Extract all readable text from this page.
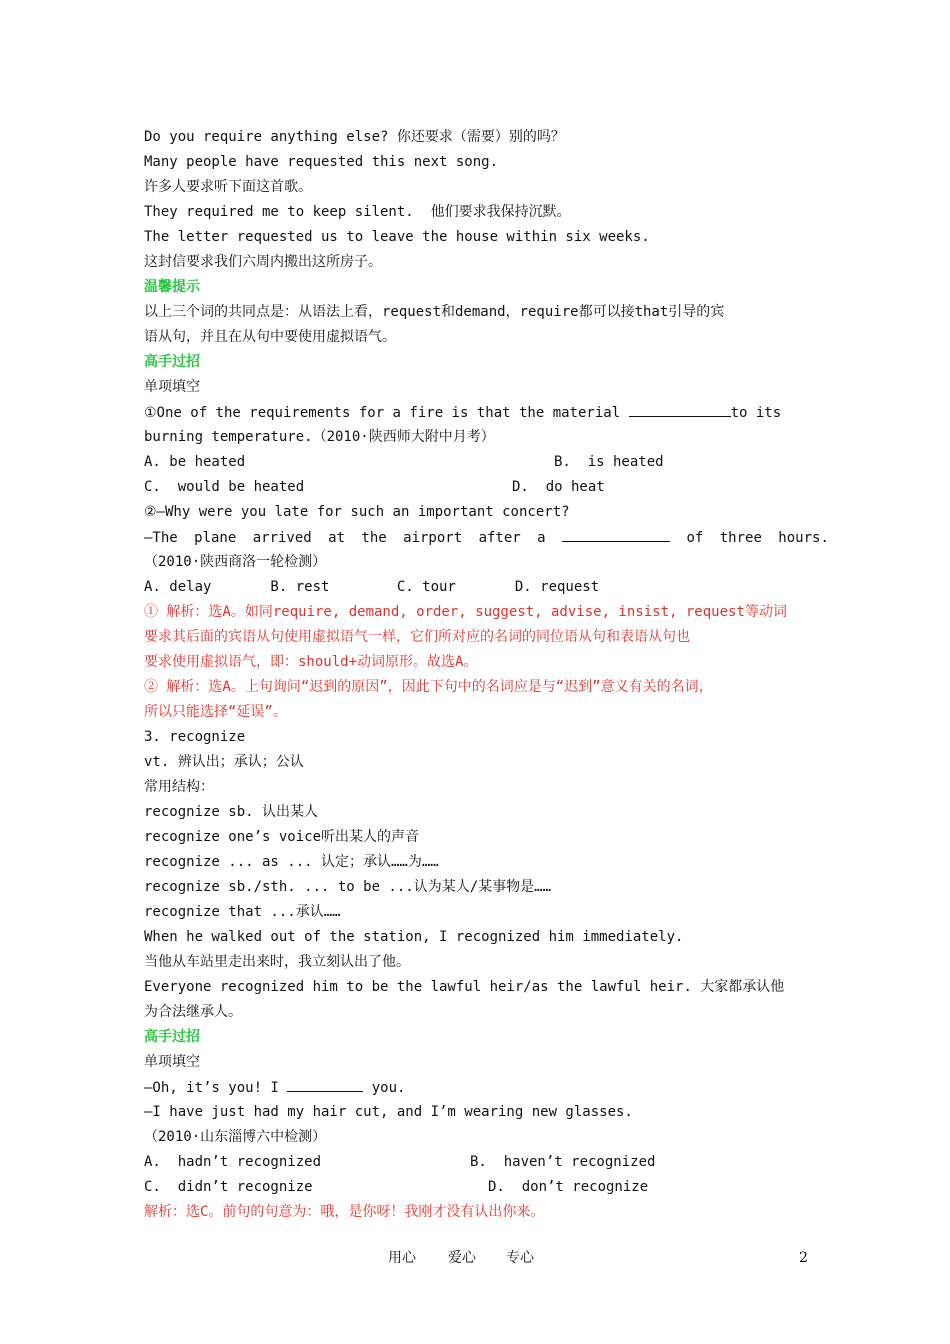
Do you require anything else? 你还要求（需要）别的吗？
Many people have requested this next song.
许多人要求听下面这首歌。
They required me to keep silent.  他们要求我保持沉默。
The letter requested us to leave the house within six weeks.
这封信要求我们六周内搬出这所房子。
温馨提示
以上三个词的共同点是：从语法上看，request和demand，require都可以接that引导的宾
语从句，并且在从句中要使用虚拟语气。
高手过招
单项填空
①One of the requirements for a fire is that the material	to its
burning temperature.（2010·陕西师大附中月考）
A. be heated	B.  is heated
C.  would be heated	D.  do heat
②—Why were you late for such an important concert?
—The plane arrived at the airport after a	of three hours.
（2010·陕西商洛一轮检测）
A. delay       B. rest        C. tour       D. request
① 解析：选A。如同require, demand, order, suggest, advise, insist, request等动词
要求其后面的宾语从句使用虚拟语气一样，它们所对应的名词的同位语从句和表语从句也
要求使用虚拟语气，即：should+动词原形。故选A。
② 解析：选A。上句询问“迟到的原因”，因此下句中的名词应是与“迟到”意义有关的名词，
所以只能选择“延误”。
3. recognize
vt. 辨认出；承认；公认
常用结构：
recognize sb. 认出某人
recognize one’s voice听出某人的声音
recognize ... as ... 认定；承认……为……
recognize sb./sth. ... to be ...认为某人/某事物是……
recognize that ...承认……
When he walked out of the station, I recognized him immediately.
当他从车站里走出来时，我立刻认出了他。
Everyone recognized him to be the lawful heir/as the lawful heir. 大家都承认他
为合法继承人。
高手过招
单项填空
—Oh, it’s you! I	you.
—I have just had my hair cut, and I’m wearing new glasses.
（2010·山东淄博六中检测）
A.  hadn’t recognized	B.  haven’t recognized
C.  didn’t recognize	D.  don’t recognize
解析：选C。前句的句意为：哦，是你呀！我刚才没有认出你来。
用心 爱心 专心	2
